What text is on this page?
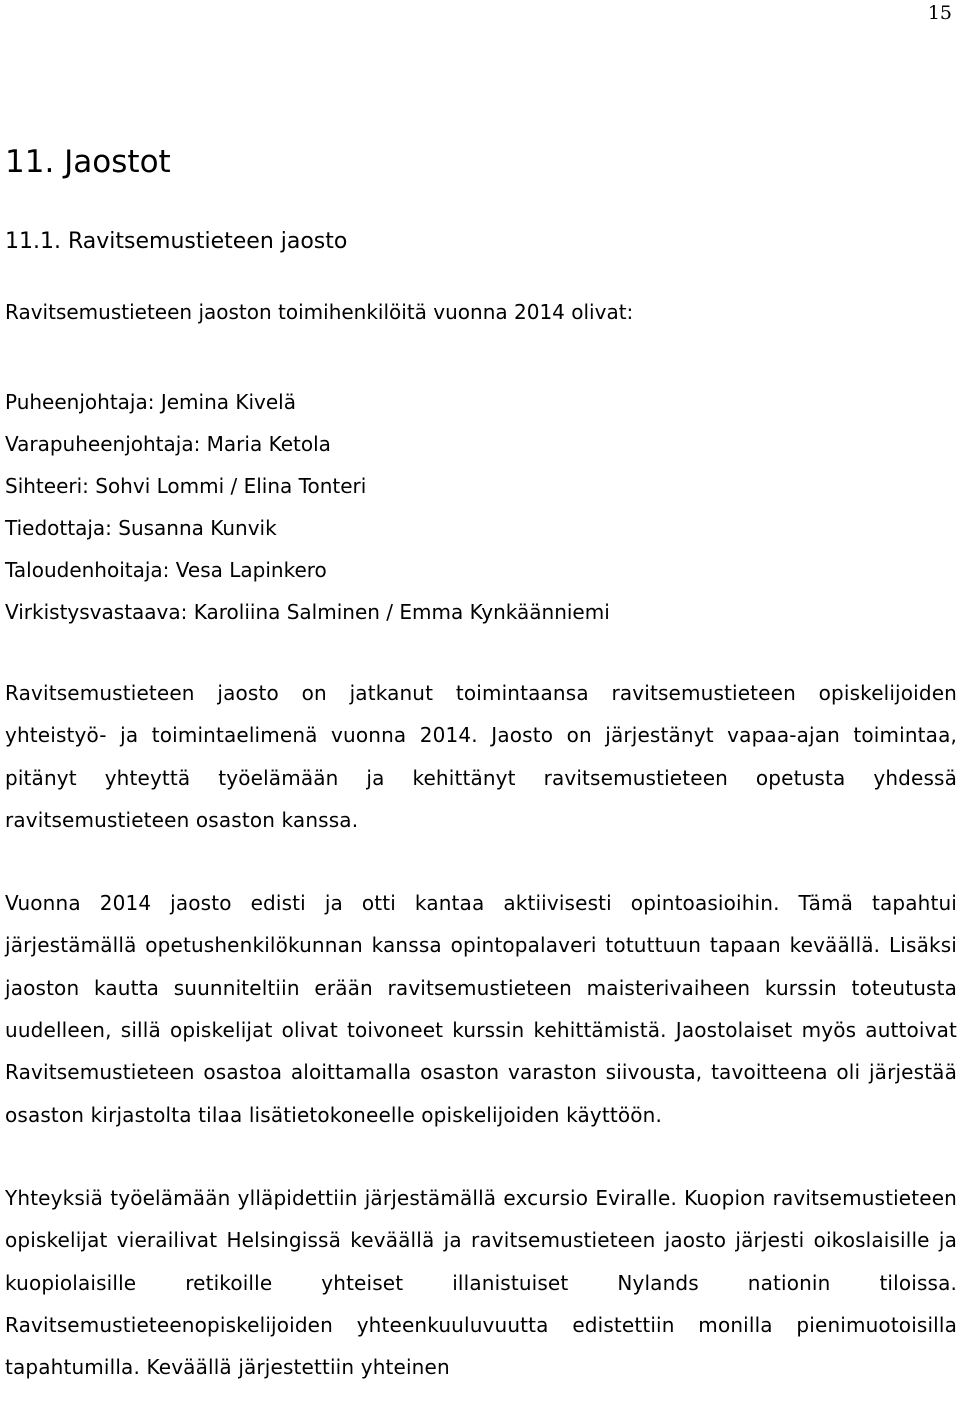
15
11. Jaostot
11.1. Ravitsemustieteen jaosto

Ravitsemustieteen jaoston toimihenkilöitä vuonna 2014 olivat:

Puheenjohtaja: Jemina Kivelä
Varapuheenjohtaja: Maria Ketola
Sihteeri: Sohvi Lommi / Elina Tonteri
Tiedottaja: Susanna Kunvik
Taloudenhoitaja: Vesa Lapinkero
Virkistysvastaava: Karoliina Salminen / Emma Kynkäänniemi

Ravitsemustieteen jaosto on jatkanut toimintaansa ravitsemustieteen opiskelijoiden yhteistyö- ja toimintaelimenä vuonna 2014. Jaosto on järjestänyt vapaa-ajan toimintaa, pitänyt yhteyttä työelämään ja kehittänyt ravitsemustieteen opetusta yhdessä ravitsemustieteen osaston kanssa.

Vuonna 2014 jaosto edisti ja otti kantaa aktiivisesti opintoasioihin. Tämä tapahtui järjestämällä opetushenkilökunnan kanssa opintopalaveri totuttuun tapaan keväällä. Lisäksi jaoston kautta suunniteltiin erään ravitsemustieteen maisterivaiheen kurssin toteutusta uudelleen, sillä opiskelijat olivat toivoneet kurssin kehittämistä. Jaostolaiset myös auttoivat Ravitsemustieteen osastoa aloittamalla osaston varaston siivousta, tavoitteena oli järjestää osaston kirjastolta tilaa lisätietokoneelle opiskelijoiden käyttöön.

Yhteyksiä työelämään ylläpidettiin järjestämällä excursio Eviralle. Kuopion ravitsemustieteen opiskelijat vierailivat Helsingissä keväällä ja ravitsemustieteen jaosto järjesti oikoslaisille ja kuopiolaisille retikoille yhteiset illanistuiset Nylands nationin tiloissa. Ravitsemustieteenopiskelijoiden yhteenkuuluvuutta edistettiin monilla pienimuotoisilla tapahtumilla. Keväällä järjestettiin yhteinen
